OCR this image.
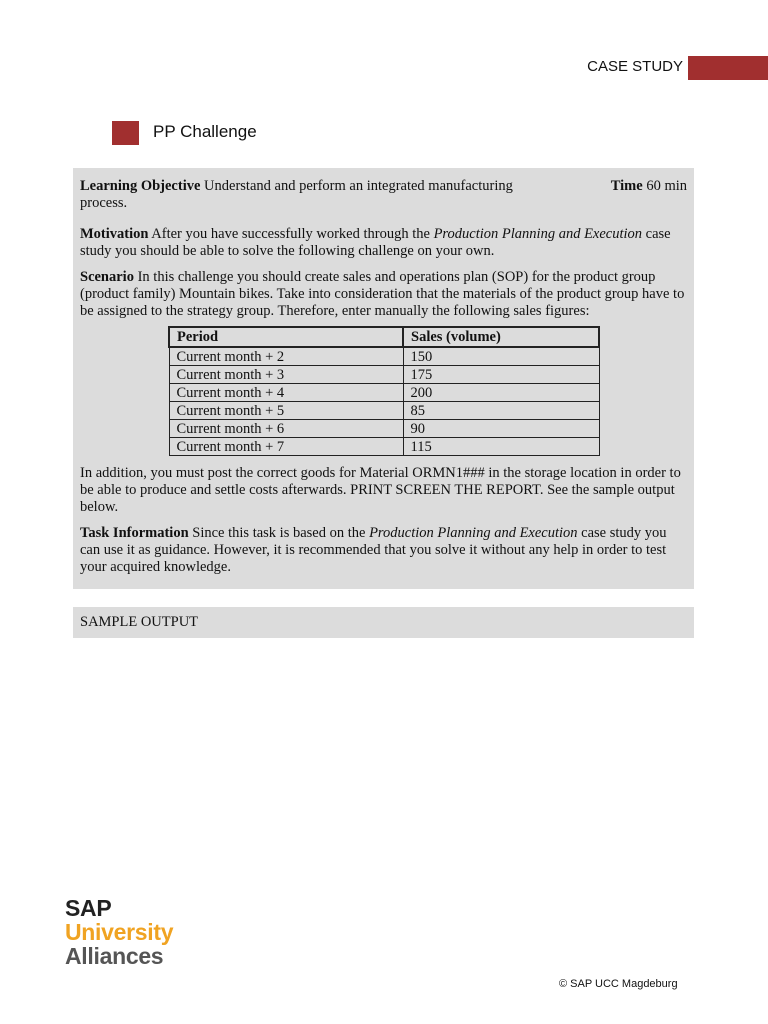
CASE STUDY
PP Challenge
Learning Objective Understand and perform an integrated manufacturing process.
Time 60 min

Motivation After you have successfully worked through the Production Planning and Execution case study you should be able to solve the following challenge on your own.

Scenario In this challenge you should create sales and operations plan (SOP) for the product group (product family) Mountain bikes. Take into consideration that the materials of the product group have to be assigned to the strategy group. Therefore, enter manually the following sales figures:

Period	Sales (volume)
Current month + 2	150
Current month + 3	175
Current month + 4	200
Current month + 5	85
Current month + 6	90
Current month + 7	115

In addition, you must post the correct goods for Material ORMN1### in the storage location in order to be able to produce and settle costs afterwards. PRINT SCREEN THE REPORT. See the sample output below.

Task Information Since this task is based on the Production Planning and Execution case study you can use it as guidance. However, it is recommended that you solve it without any help in order to test your acquired knowledge.

SAMPLE OUTPUT
SAP
University
Alliances
© SAP UCC Magdeburg
